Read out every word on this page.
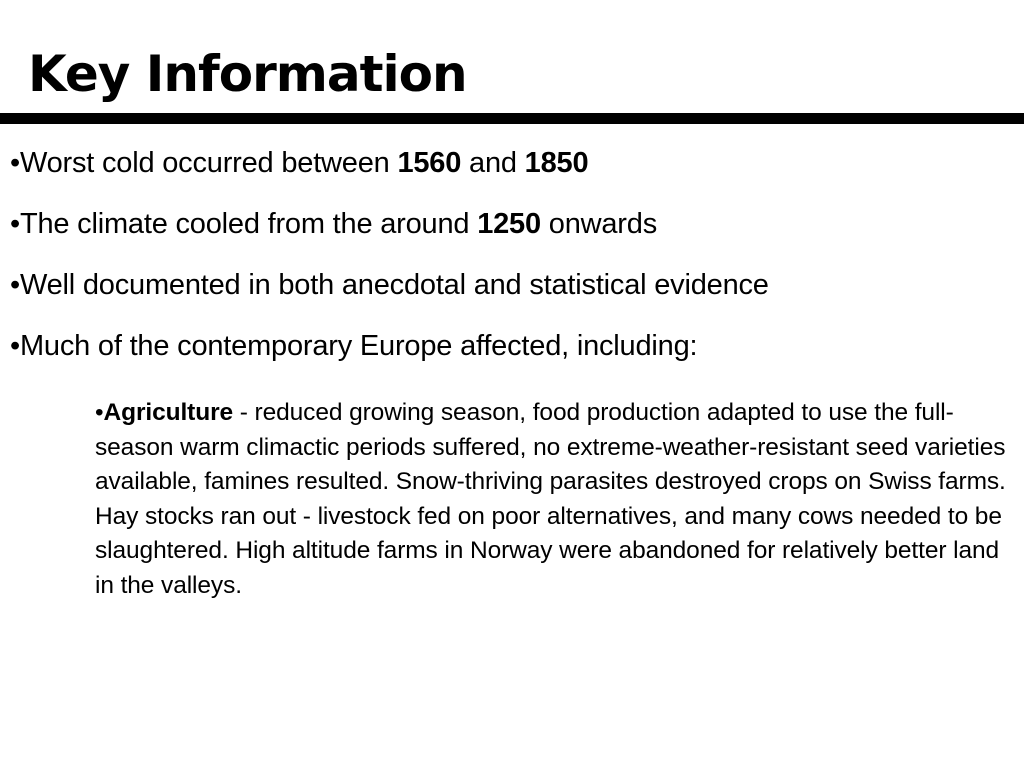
Key Information
•Worst cold occurred between 1560 and 1850
•The climate cooled from the around 1250 onwards
•Well documented in both anecdotal and statistical evidence
•Much of the contemporary Europe affected, including:

•Agriculture - reduced growing season, food production adapted to use the full-season warm climactic periods suffered, no extreme-weather-resistant seed varieties available, famines resulted. Snow-thriving parasites destroyed crops on Swiss farms. Hay stocks ran out - livestock fed on poor alternatives, and many cows needed to be slaughtered. High altitude farms in Norway were abandoned for relatively better land in the valleys.
